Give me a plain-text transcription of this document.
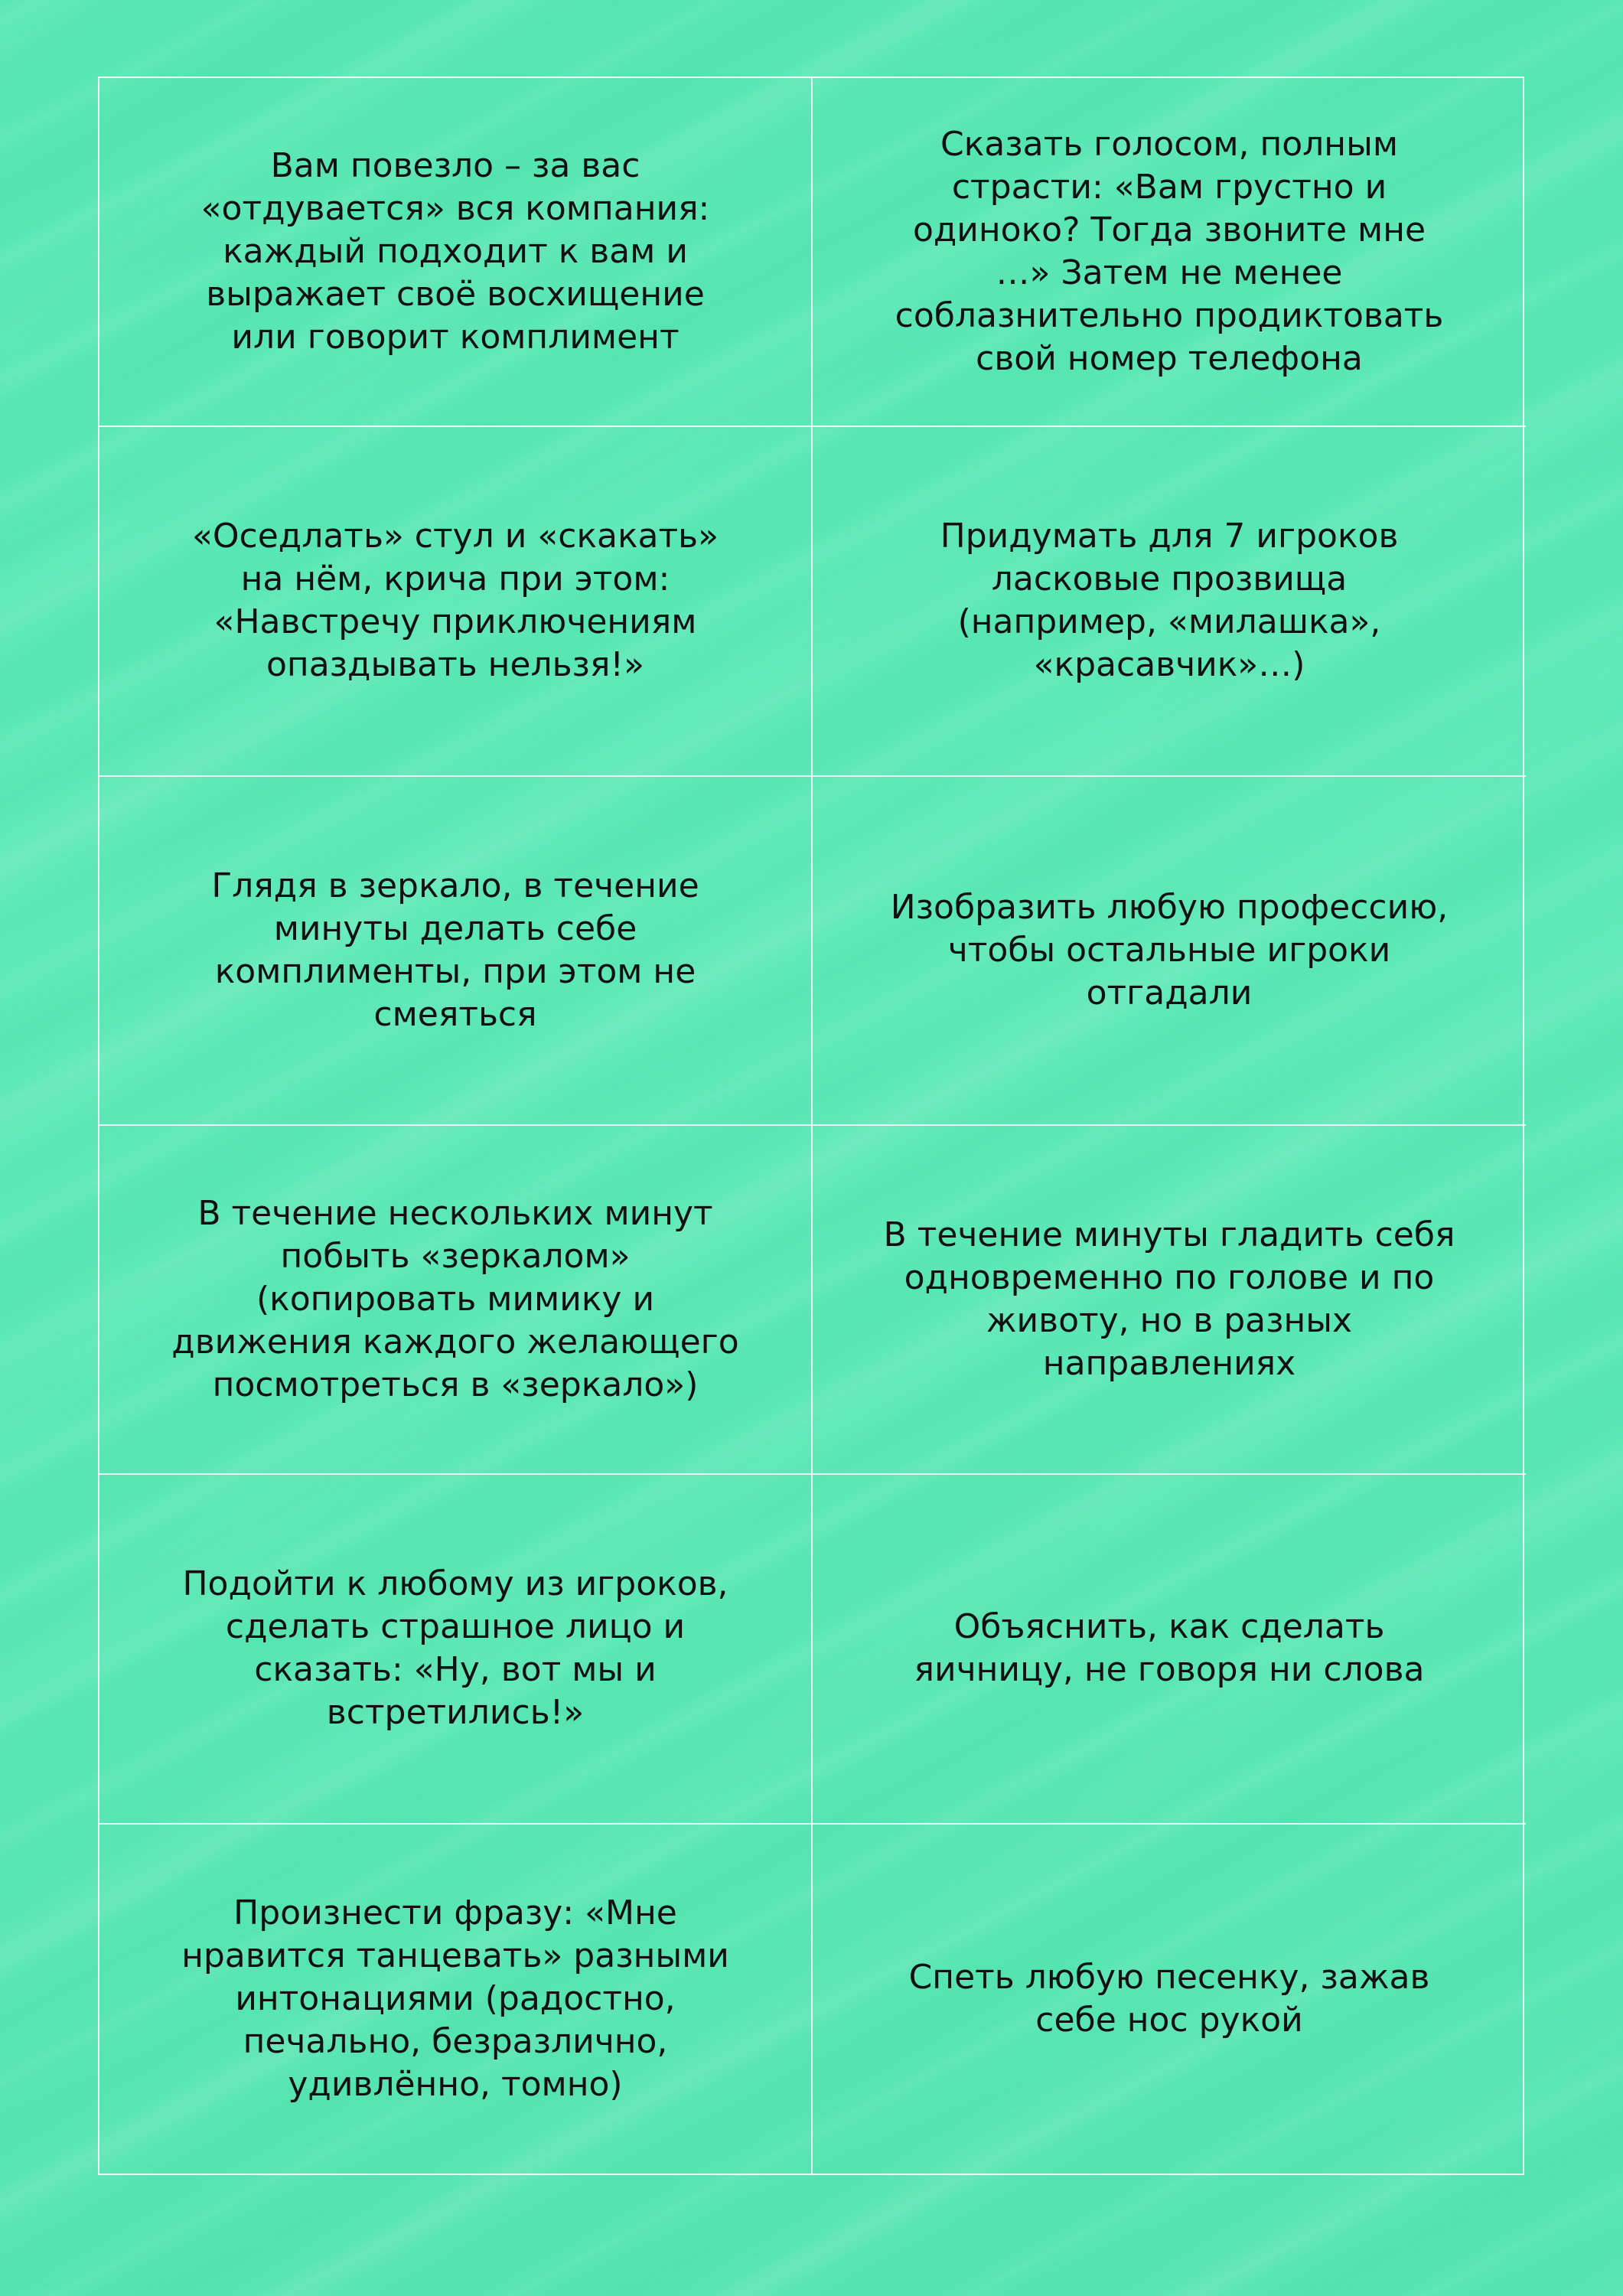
Вам повезло – за вас
«отдувается» вся компания:
каждый подходит к вам и
выражает своё восхищение
или говорит комплимент
Сказать голосом, полным
страсти: «Вам грустно и
одиноко? Тогда звоните мне
…» Затем не менее
соблазнительно продиктовать
свой номер телефона
«Оседлать» стул и «скакать»
на нём, крича при этом:
«Навстречу приключениям
опаздывать нельзя!»
Придумать для 7 игроков
ласковые прозвища
(например, «милашка»,
«красавчик»…)
Глядя в зеркало, в течение
минуты делать себе
комплименты, при этом не
смеяться
Изобразить любую профессию,
чтобы остальные игроки
отгадали
В течение нескольких минут
побыть «зеркалом»
(копировать мимику и
движения каждого желающего
посмотреться в «зеркало»)
В течение минуты гладить себя
одновременно по голове и по
животу, но в разных
направлениях
Подойти к любому из игроков,
сделать страшное лицо и
сказать: «Ну, вот мы и
встретились!»
Объяснить, как сделать
яичницу, не говоря ни слова
Произнести фразу: «Мне
нравится танцевать» разными
интонациями (радостно,
печально, безразлично,
удивлённо, томно)
Спеть любую песенку, зажав
себе нос рукой
